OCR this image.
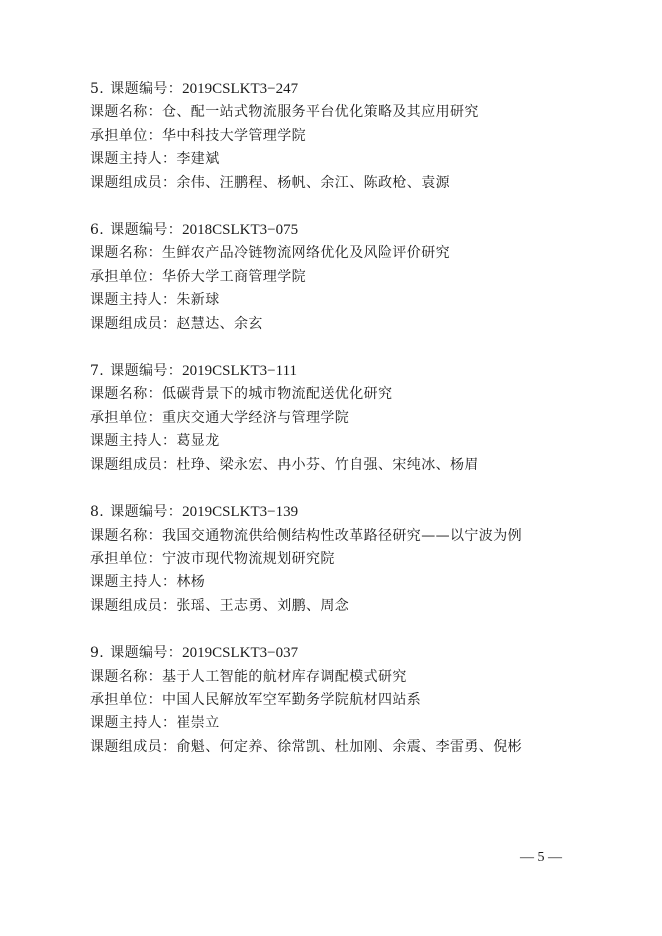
5. 课题编号：2019CSLKT3−247
课题名称：仓、配一站式物流服务平台优化策略及其应用研究
承担单位：华中科技大学管理学院
课题主持人：李建斌
课题组成员：余伟、汪鹏程、杨帆、余江、陈政枪、袁源
6. 课题编号：2018CSLKT3−075
课题名称：生鲜农产品冷链物流网络优化及风险评价研究
承担单位：华侨大学工商管理学院
课题主持人：朱新球
课题组成员：赵慧达、余玄
7. 课题编号：2019CSLKT3−111
课题名称：低碳背景下的城市物流配送优化研究
承担单位：重庆交通大学经济与管理学院
课题主持人：葛显龙
课题组成员：杜琤、梁永宏、冉小芬、竹自强、宋纯冰、杨眉
8. 课题编号：2019CSLKT3−139
课题名称：我国交通物流供给侧结构性改革路径研究——以宁波为例
承担单位：宁波市现代物流规划研究院
课题主持人：林杨
课题组成员：张瑶、王志勇、刘鹏、周念
9. 课题编号：2019CSLKT3−037
课题名称：基于人工智能的航材库存调配模式研究
承担单位：中国人民解放军空军勤务学院航材四站系
课题主持人：崔崇立
课题组成员：俞魁、何定养、徐常凯、杜加刚、余震、李雷勇、倪彬
— 5 —
